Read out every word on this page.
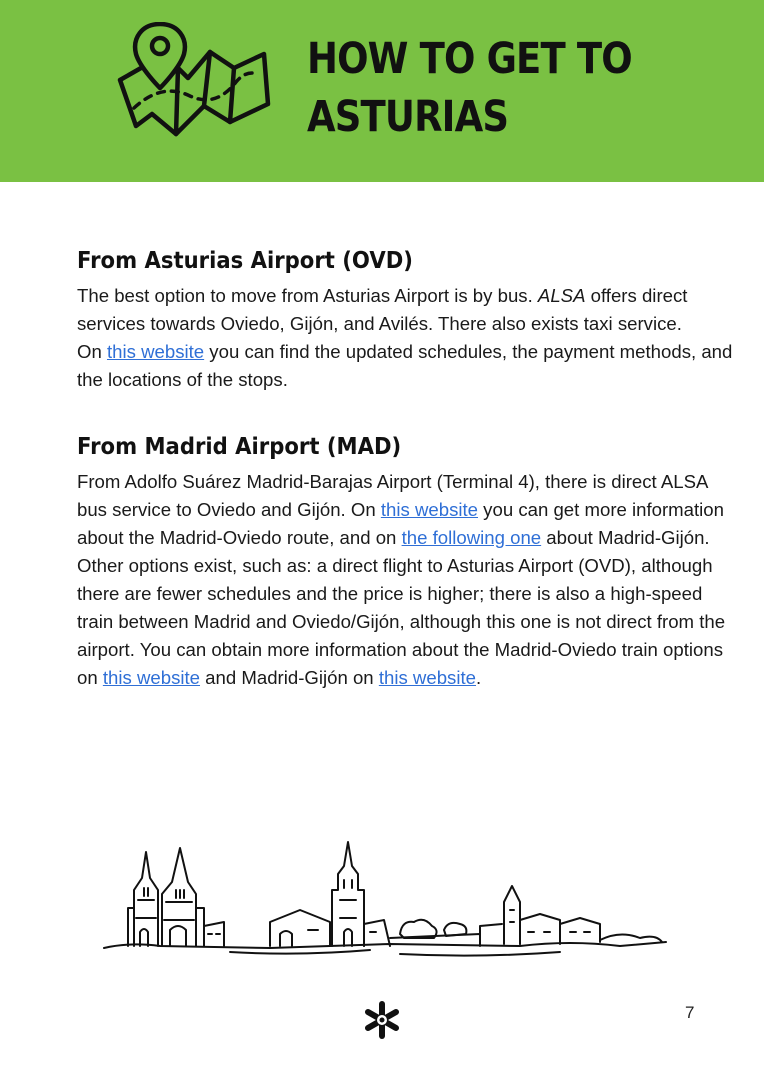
HOW TO GET TO ASTURIAS
From Asturias Airport (OVD)

The best option to move from Asturias Airport is by bus. ALSA offers direct services towards Oviedo, Gijón, and Avilés. There also exists taxi service.

On this website you can find the updated schedules, the payment methods, and the locations of the stops.

From Madrid Airport (MAD)

From Adolfo Suárez Madrid-Barajas Airport (Terminal 4), there is direct ALSA bus service to Oviedo and Gijón. On this website you can get more information about the Madrid-Oviedo route, and on the following one about Madrid-Gijón.

Other options exist, such as: a direct flight to Asturias Airport (OVD), although there are fewer schedules and the price is higher; there is also a high-speed train between Madrid and Oviedo/Gijón, although this one is not direct from the airport. You can obtain more information about the Madrid-Oviedo train options on this website and Madrid-Gijón on this website.

7
